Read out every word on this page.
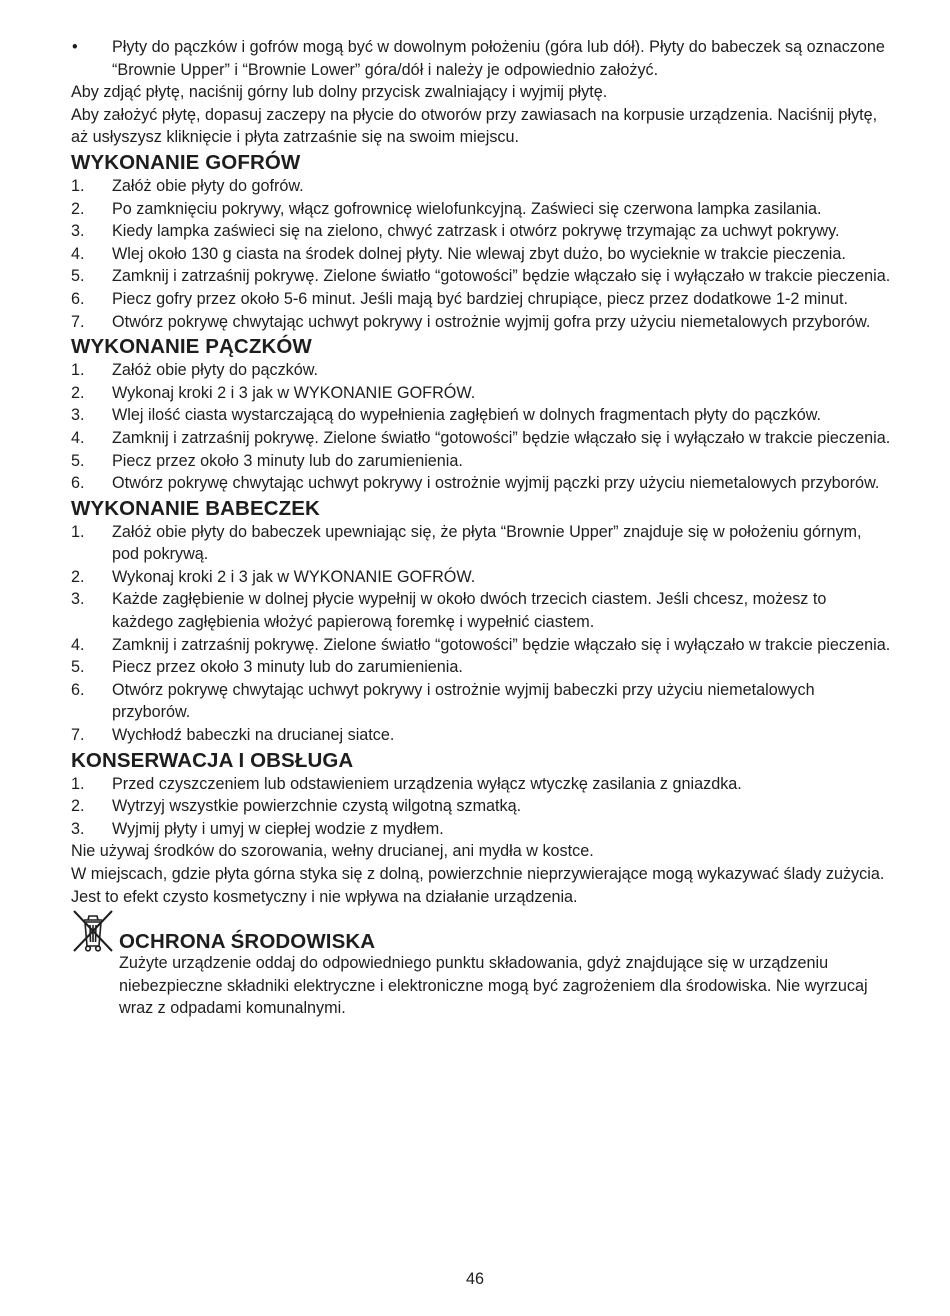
•	Płyty do pączków i gofrów mogą być w dowolnym położeniu (góra lub dół). Płyty do babeczek są oznaczone “Brownie Upper” i “Brownie Lower” góra/dół i należy je odpowiednio założyć.

Aby zdjąć płytę, naciśnij górny lub dolny przycisk zwalniający i wyjmij płytę.

Aby założyć płytę, dopasuj zaczepy na płycie do otworów przy zawiasach na korpusie urządzenia. Naciśnij płytę, aż usłyszysz kliknięcie i płyta zatrzaśnie się na swoim miejscu.

WYKONANIE GOFRÓW
1.	Załóż obie płyty do gofrów.
2.	Po zamknięciu pokrywy, włącz gofrownicę wielofunkcyjną. Zaświeci się czerwona lampka zasilania.
3.	Kiedy lampka zaświeci się na zielono, chwyć zatrzask i otwórz pokrywę trzymając za uchwyt pokrywy.
4.	Wlej około 130 g ciasta na środek dolnej płyty. Nie wlewaj zbyt dużo, bo wycieknie w trakcie pieczenia.
5.	Zamknij i zatrzaśnij pokrywę. Zielone światło “gotowości” będzie włączało się i wyłączało w trakcie pieczenia.
6.	Piecz gofry przez około 5-6 minut. Jeśli mają być bardziej chrupiące, piecz przez dodatkowe 1-2 minut.
7.	Otwórz pokrywę chwytając uchwyt pokrywy i ostrożnie wyjmij gofra przy użyciu niemetalowych przyborów.
WYKONANIE PĄCZKÓW
1.	Załóż obie płyty do pączków.
2.	Wykonaj kroki 2 i 3 jak w WYKONANIE GOFRÓW.
3.	Wlej ilość ciasta wystarczającą do wypełnienia zagłębień w dolnych fragmentach płyty do pączków.
4.	Zamknij i zatrzaśnij pokrywę. Zielone światło “gotowości” będzie włączało się i wyłączało w trakcie pieczenia.
5.	Piecz przez około 3 minuty lub do zarumienienia.
6.	Otwórz pokrywę chwytając uchwyt pokrywy i ostrożnie wyjmij pączki przy użyciu niemetalowych przyborów.
WYKONANIE BABECZEK
1.	Załóż obie płyty do babeczek upewniając się, że płyta “Brownie Upper” znajduje się w położeniu górnym, pod pokrywą.
2.	Wykonaj kroki 2 i 3 jak w WYKONANIE GOFRÓW.
3.	Każde zagłębienie w dolnej płycie wypełnij w około dwóch trzecich ciastem. Jeśli chcesz, możesz to każdego zagłębienia włożyć papierową foremkę i wypełnić ciastem.
4.	Zamknij i zatrzaśnij pokrywę. Zielone światło “gotowości” będzie włączało się i wyłączało w trakcie pieczenia.
5.	Piecz przez około 3 minuty lub do zarumienienia.
6.	Otwórz pokrywę chwytając uchwyt pokrywy i ostrożnie wyjmij babeczki przy użyciu niemetalowych przyborów.
7.	Wychłodź babeczki na drucianej siatce.
KONSERWACJA I OBSŁUGA
1.	Przed czyszczeniem lub odstawieniem urządzenia wyłącz wtyczkę zasilania z gniazdka.
2.	Wytrzyj wszystkie powierzchnie czystą wilgotną szmatką.
3.	Wyjmij płyty i umyj w ciepłej wodzie z mydłem.

Nie używaj środków do szorowania, wełny drucianej, ani mydła w kostce.

W miejscach, gdzie płyta górna styka się z dolną, powierzchnie nieprzywierające mogą wykazywać ślady zużycia. Jest to efekt czysto kosmetyczny i nie wpływa na działanie urządzenia.

OCHRONA ŚRODOWISKA

Zużyte urządzenie oddaj do odpowiedniego punktu składowania, gdyż znajdujące się w urządzeniu niebezpieczne składniki elektryczne i elektroniczne mogą być zagrożeniem dla środowiska. Nie wyrzucaj wraz z odpadami komunalnymi.

46
